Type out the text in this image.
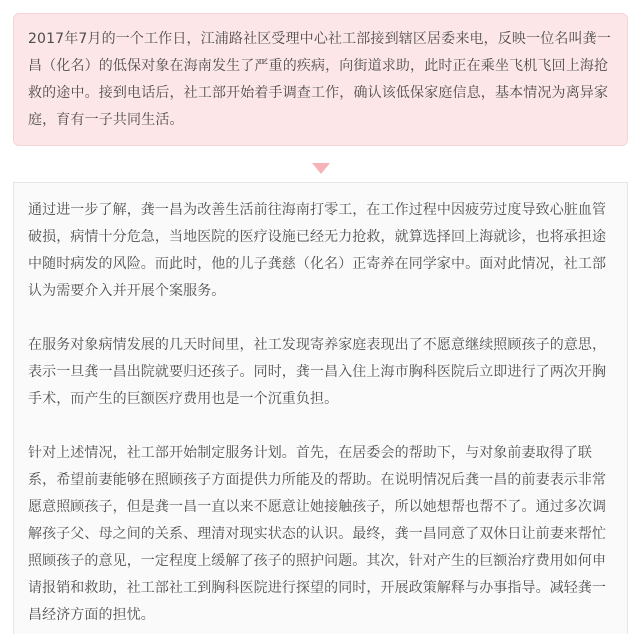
2017年7月的一个工作日，江浦路社区受理中心社工部接到辖区居委来电，反映一位名叫龚一昌（化名）的低保对象在海南发生了严重的疾病，向街道求助，此时正在乘坐飞机飞回上海抢救的途中。接到电话后，社工部开始着手调查工作，确认该低保家庭信息，基本情况为离异家庭，育有一子共同生活。

通过进一步了解，龚一昌为改善生活前往海南打零工，在工作过程中因疲劳过度导致心脏血管破损，病情十分危急，当地医院的医疗设施已经无力抢救，就算选择回上海就诊，也将承担途中随时病发的风险。而此时，他的儿子龚慈（化名）正寄养在同学家中。面对此情况，社工部认为需要介入并开展个案服务。

在服务对象病情发展的几天时间里，社工发现寄养家庭表现出了不愿意继续照顾孩子的意思，表示一旦龚一昌出院就要归还孩子。同时，龚一昌入住上海市胸科医院后立即进行了两次开胸手术，而产生的巨额医疗费用也是一个沉重负担。

针对上述情况，社工部开始制定服务计划。首先，在居委会的帮助下，与对象前妻取得了联系，希望前妻能够在照顾孩子方面提供力所能及的帮助。在说明情况后龚一昌的前妻表示非常愿意照顾孩子，但是龚一昌一直以来不愿意让她接触孩子，所以她想帮也帮不了。通过多次调解孩子父、母之间的关系、理清对现实状态的认识。最终，龚一昌同意了双休日让前妻来帮忙照顾孩子的意见，一定程度上缓解了孩子的照护问题。其次，针对产生的巨额治疗费用如何申请报销和救助，社工部社工到胸科医院进行探望的同时，开展政策解释与办事指导。减轻龚一昌经济方面的担忧。
